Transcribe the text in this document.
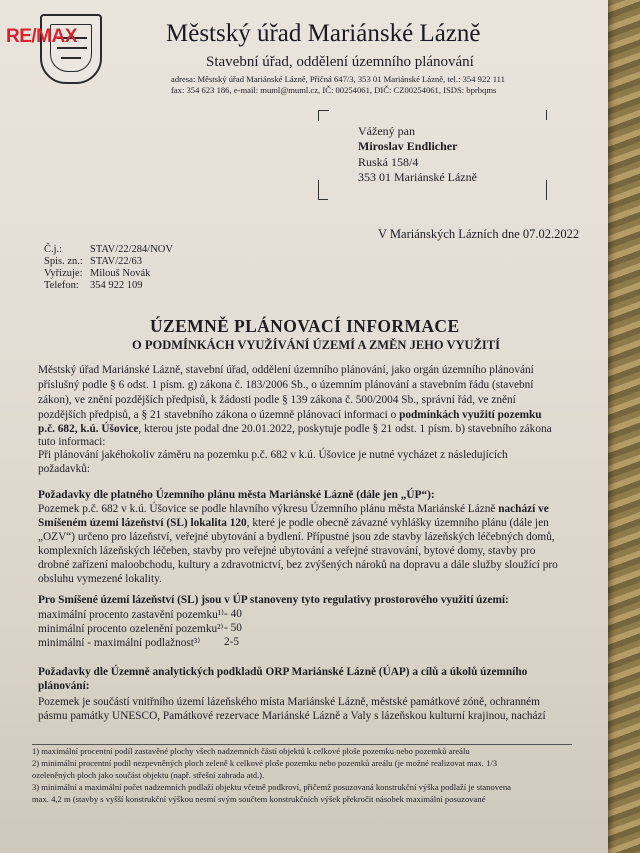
RE/MAX	Městský úřad Mariánské Lázně
Stavební úřad, oddělení územního plánování
adresa: Městský úřad Mariánské Lázně, Příčná 647/3, 353 01 Mariánské Lázně, tel.: 354 922 111
fax: 354 623 186, e-mail: muml@muml.cz, IČ: 00254061, DIČ: CZ00254061, ISDS: bprbqms
Vážený pan
Miroslav Endlicher
Ruská 158/4
353 01 Mariánské Lázně
V Mariánských Lázních dne 07.02.2022
Č.j.:	STAV/22/284/NOV
Spis. zn.: STAV/22/63
Vyřizuje: Milouš Novák
Telefon: 354 922 109
ÚZEMNĚ PLÁNOVACÍ INFORMACE
O PODMÍNKÁCH VYUŽÍVÁNÍ ÚZEMÍ A ZMĚN JEHO VYUŽITÍ
Městský úřad Mariánské Lázně, stavební úřad, oddělení územního plánování, jako orgán územního plánování
příslušný podle § 6 odst. 1 písm. g) zákona č. 183/2006 Sb., o územním plánování a stavebním řádu (stavební
zákon), ve znění pozdějších předpisů, k žádosti podle § 139 zákona č. 500/2004 Sb., správní řád, ve znění
pozdějších předpisů, a § 21 stavebního zákona o územně plánovací informaci o podmínkách využití pozemku
p.č. 682, k.ú. Úšovice, kterou jste podal dne 20.01.2022, poskytuje podle § 21 odst. 1 písm. b) stavebního zákona
tuto informaci:
Při plánování jakéhokoliv záměru na pozemku p.č. 682 v k.ú. Úšovice je nutné vycházet z následujících
požadavků:
Požadavky dle platného Územního plánu města Mariánské Lázně (dále jen „ÚP“):
Pozemek p.č. 682 v k.ú. Úšovice se podle hlavního výkresu Územního plánu města Mariánské Lázně nachází ve
Smíšeném území lázeňství (SL) lokalita 120, které je podle obecně závazné vyhlášky územního plánu (dále jen
„OZV“) určeno pro lázeňství, veřejné ubytování a bydlení. Přípustné jsou zde stavby lázeňských léčebných domů,
komplexních lázeňských léčeben, stavby pro veřejné ubytování a veřejné stravování, bytové domy, stavby pro
drobné zařízení maloobchodu, kultury a zdravotnictví, bez zvýšených nároků na dopravu a dále služby sloužící pro
obsluhu vymezené lokality.
Pro Smíšené území lázeňství (SL) jsou v ÚP stanoveny tyto regulativy prostorového využití území:
maximální procento zastavění pozemku¹⁾ - 40
minimální procento ozelenění pozemku²⁾ - 50
minimální - maximální podlažnost³⁾ 2-5
Požadavky dle Územně analytických podkladů ORP Mariánské Lázně (ÚAP) a cílů a úkolů územního
plánování:
Pozemek je součástí vnitřního území lázeňského místa Mariánské Lázně, městské památkové zóně, ochranném
pásmu památky UNESCO, Památkové rezervace Mariánské Lázně a Valy s lázeňskou kulturní krajinou, nachází
1) maximální procentní podíl zastavěné plochy všech nadzemních částí objektů k celkové ploše pozemku nebo pozemků areálu
2) minimální procentní podíl nezpevněných ploch zeleně k celkové ploše pozemku nebo pozemků areálu (je možné realizovat max. 1/3
ozeleněných ploch jako součást objektu (např. střešní zahrada atd.).
3) minimální a maximální počet nadzemních podlaží objektu včetně podkroví, přičemž posuzovaná konstrukční výška podlaží je stanovena
max. 4,2 m (stavby s vyšší konstrukční výškou nesmí svým součtem konstrukčních výšek překročit násobek maximální posuzované
